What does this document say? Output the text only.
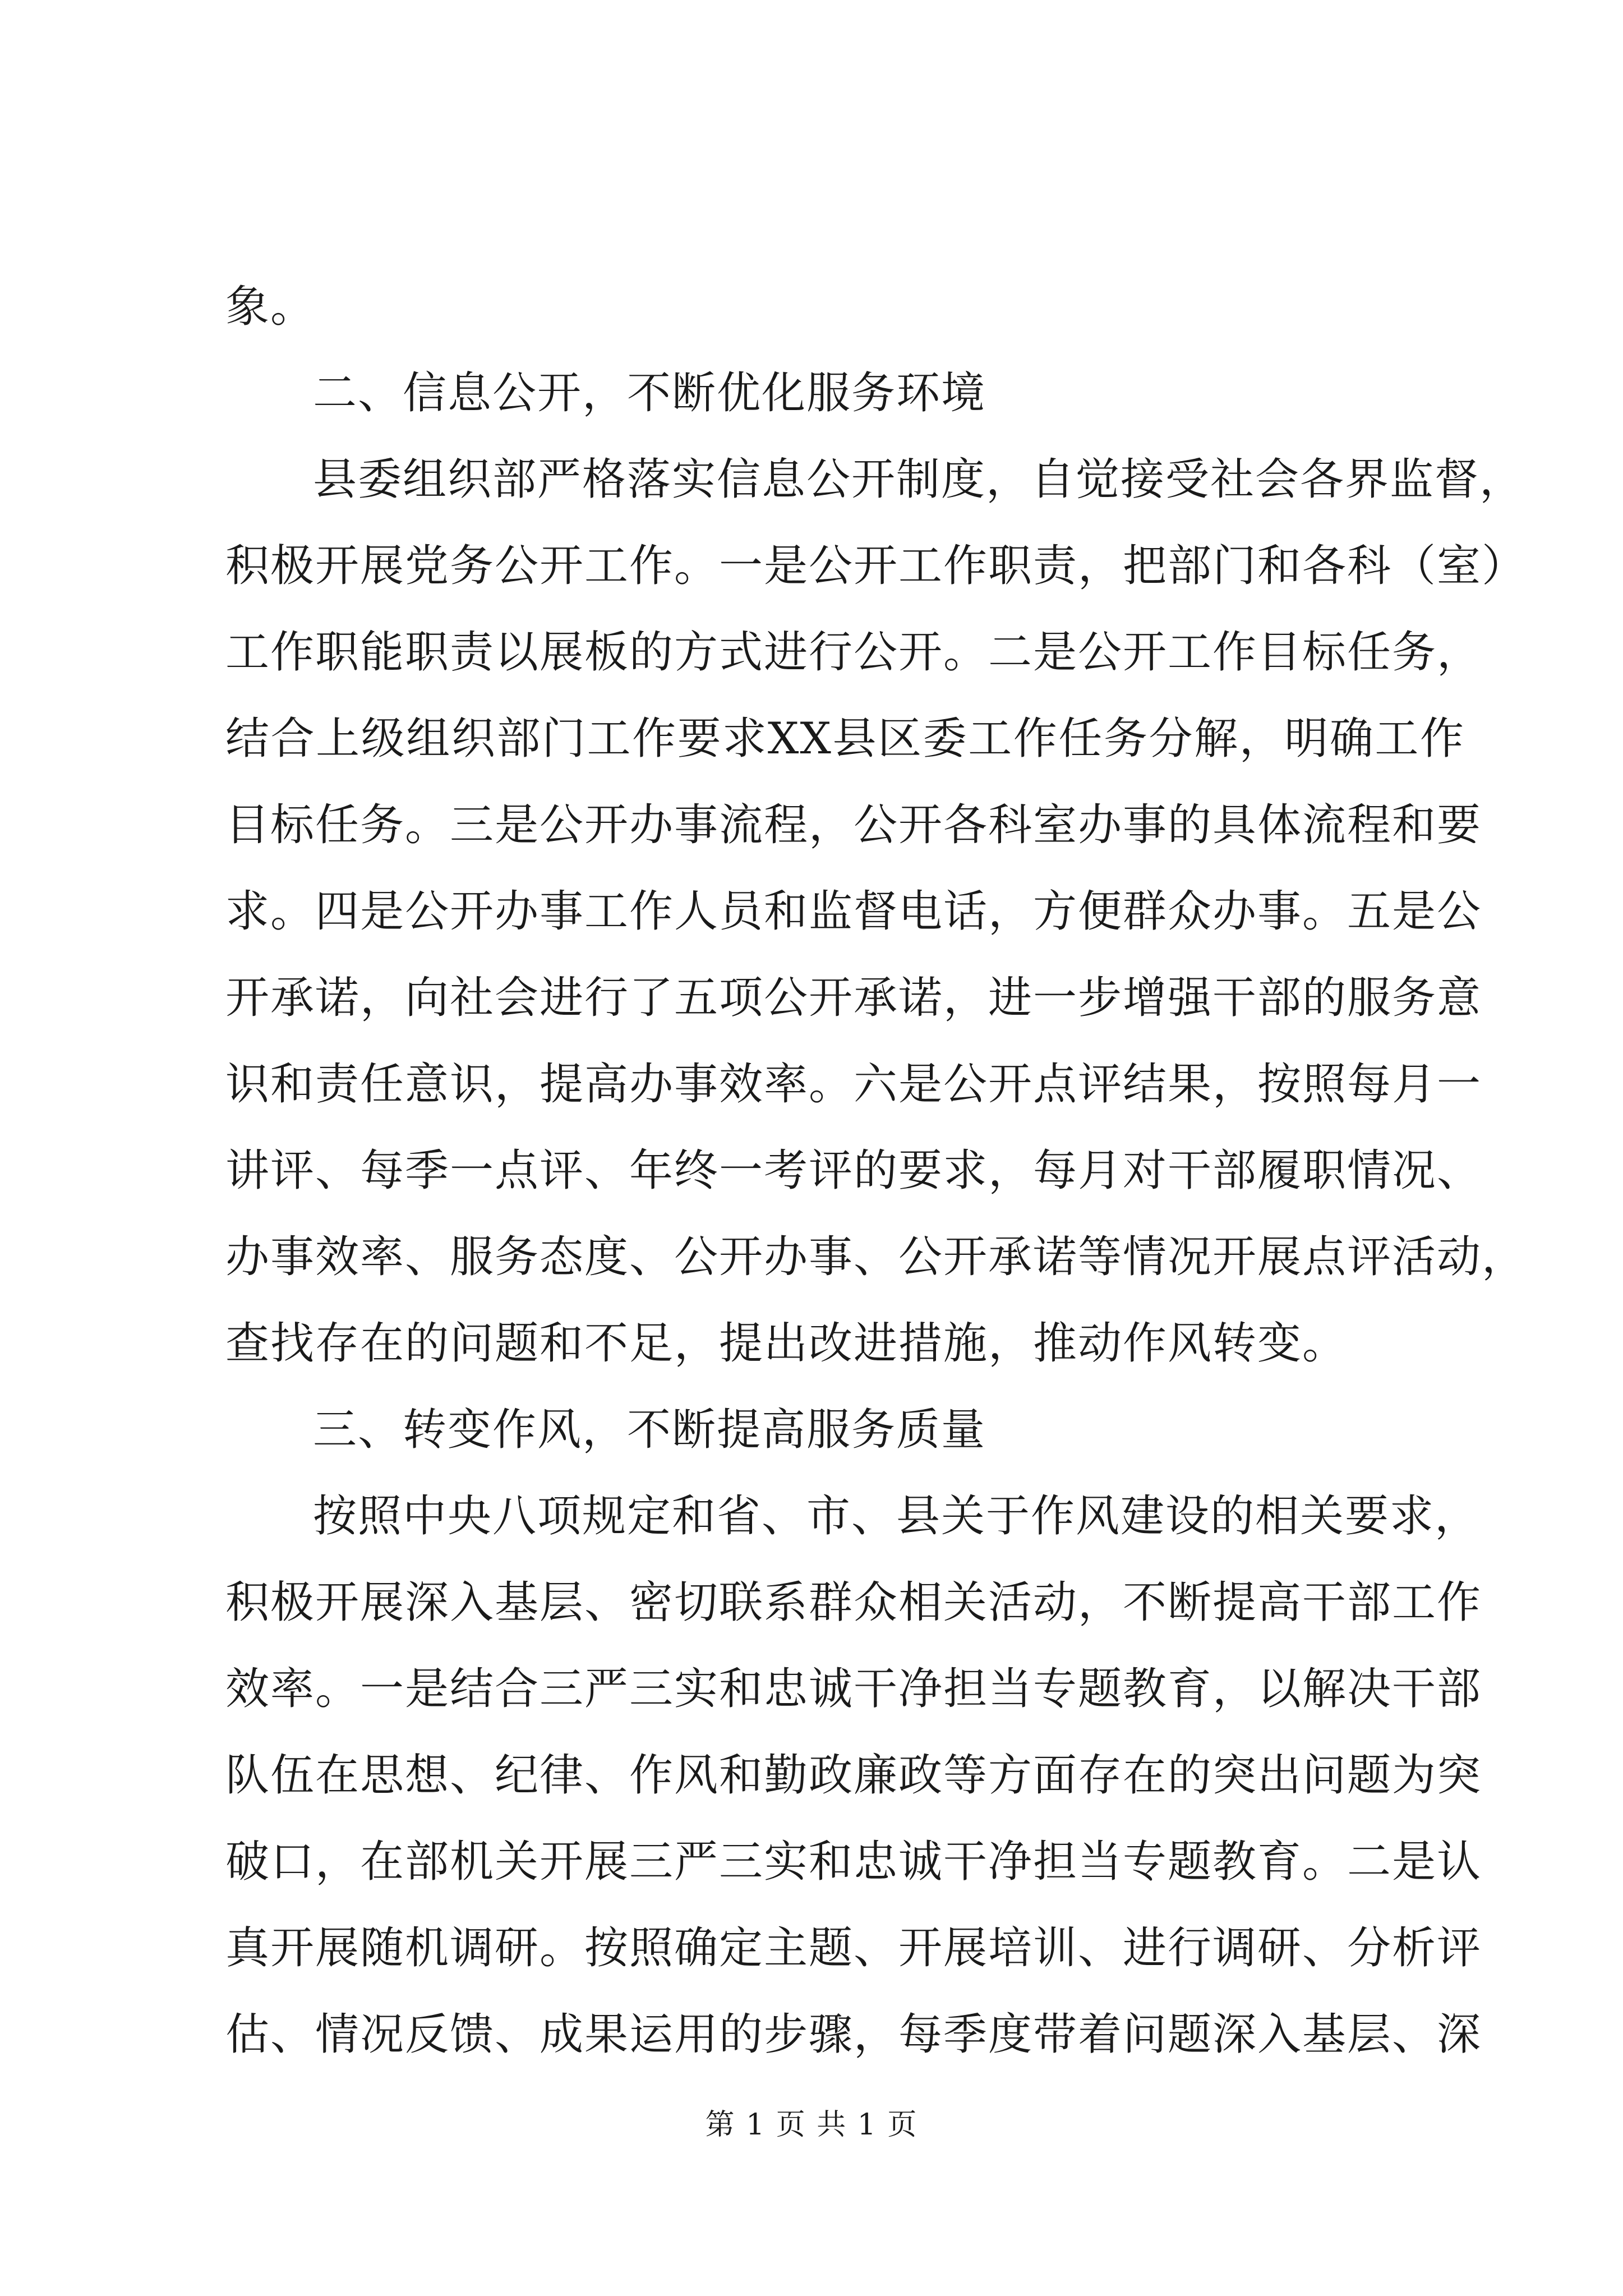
象。
二、信息公开，不断优化服务环境
县委组织部严格落实信息公开制度，自觉接受社会各界监督，
积极开展党务公开工作。一是公开工作职责，把部门和各科（室）
工作职能职责以展板的方式进行公开。二是公开工作目标任务，
结合上级组织部门工作要求XX县区委工作任务分解，明确工作
目标任务。三是公开办事流程，公开各科室办事的具体流程和要
求。四是公开办事工作人员和监督电话，方便群众办事。五是公
开承诺，向社会进行了五项公开承诺，进一步增强干部的服务意
识和责任意识，提高办事效率。六是公开点评结果，按照每月一
讲评、每季一点评、年终一考评的要求，每月对干部履职情况、
办事效率、服务态度、公开办事、公开承诺等情况开展点评活动，
查找存在的问题和不足，提出改进措施，推动作风转变。
三、转变作风，不断提高服务质量
按照中央八项规定和省、市、县关于作风建设的相关要求，
积极开展深入基层、密切联系群众相关活动，不断提高干部工作
效率。一是结合三严三实和忠诚干净担当专题教育，以解决干部
队伍在思想、纪律、作风和勤政廉政等方面存在的突出问题为突
破口，在部机关开展三严三实和忠诚干净担当专题教育。二是认
真开展随机调研。按照确定主题、开展培训、进行调研、分析评
估、情况反馈、成果运用的步骤，每季度带着问题深入基层、深
第 1 页 共 1 页
